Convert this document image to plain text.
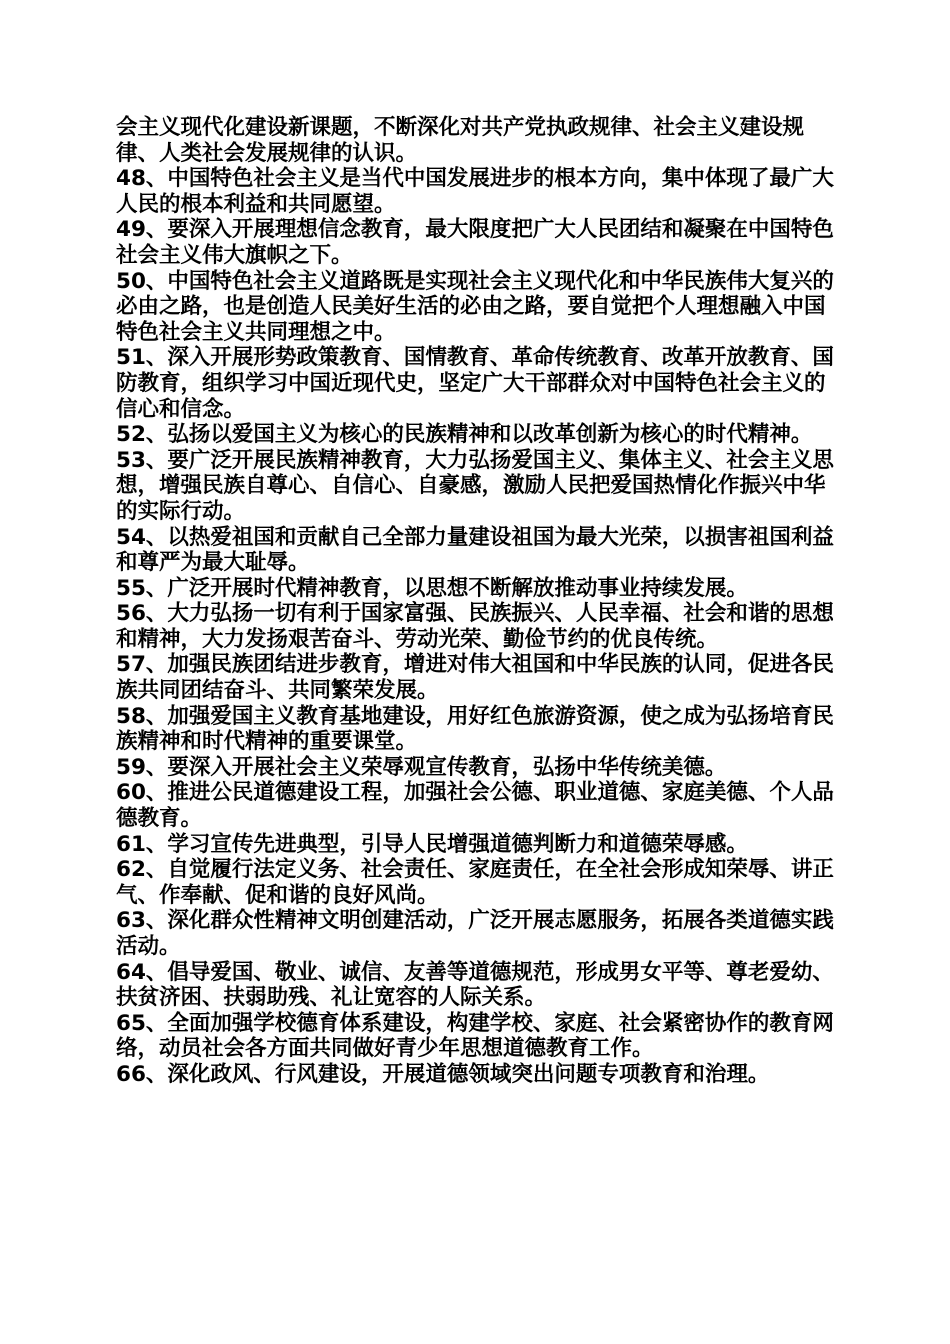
会主义现代化建设新课题，不断深化对共产党执政规律、社会主义建设规律、人类社会发展规律的认识。

48、中国特色社会主义是当代中国发展进步的根本方向，集中体现了最广大人民的根本利益和共同愿望。

49、要深入开展理想信念教育，最大限度把广大人民团结和凝聚在中国特色社会主义伟大旗帜之下。

50、中国特色社会主义道路既是实现社会主义现代化和中华民族伟大复兴的必由之路，也是创造人民美好生活的必由之路，要自觉把个人理想融入中国特色社会主义共同理想之中。

51、深入开展形势政策教育、国情教育、革命传统教育、改革开放教育、国防教育，组织学习中国近现代史，坚定广大干部群众对中国特色社会主义的信心和信念。

52、弘扬以爱国主义为核心的民族精神和以改革创新为核心的时代精神。

53、要广泛开展民族精神教育，大力弘扬爱国主义、集体主义、社会主义思想，增强民族自尊心、自信心、自豪感，激励人民把爱国热情化作振兴中华的实际行动。

54、以热爱祖国和贡献自己全部力量建设祖国为最大光荣，以损害祖国利益和尊严为最大耻辱。

55、广泛开展时代精神教育，以思想不断解放推动事业持续发展。

56、大力弘扬一切有利于国家富强、民族振兴、人民幸福、社会和谐的思想和精神，大力发扬艰苦奋斗、劳动光荣、勤俭节约的优良传统。

57、加强民族团结进步教育，增进对伟大祖国和中华民族的认同，促进各民族共同团结奋斗、共同繁荣发展。

58、加强爱国主义教育基地建设，用好红色旅游资源，使之成为弘扬培育民族精神和时代精神的重要课堂。

59、要深入开展社会主义荣辱观宣传教育，弘扬中华传统美德。

60、推进公民道德建设工程，加强社会公德、职业道德、家庭美德、个人品德教育。

61、学习宣传先进典型，引导人民增强道德判断力和道德荣辱感。

62、自觉履行法定义务、社会责任、家庭责任，在全社会形成知荣辱、讲正气、作奉献、促和谐的良好风尚。

63、深化群众性精神文明创建活动，广泛开展志愿服务，拓展各类道德实践活动。

64、倡导爱国、敬业、诚信、友善等道德规范，形成男女平等、尊老爱幼、扶贫济困、扶弱助残、礼让宽容的人际关系。

65、全面加强学校德育体系建设，构建学校、家庭、社会紧密协作的教育网络，动员社会各方面共同做好青少年思想道德教育工作。

66、深化政风、行风建设，开展道德领域突出问题专项教育和治理。
